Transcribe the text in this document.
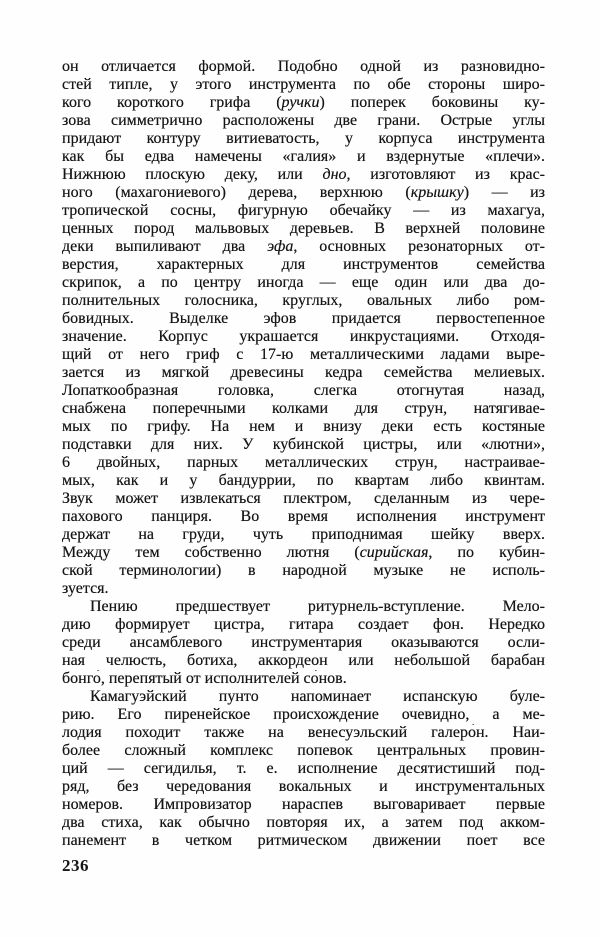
он отличается формой. Подобно одной из разновидно-
стей типле, у этого инструмента по обе стороны широ-
кого короткого грифа (ручки) поперек боковины ку-
зова симметрично расположены две грани. Острые углы
придают контуру витиеватость, у корпуса инструмента
как бы едва намечены «галия» и вздернутые «плечи».
Нижнюю плоскую деку, или дно, изготовляют из крас-
ного (махагониевого) дерева, верхнюю (крышку) — из
тропической сосны, фигурную обечайку — из махагуа,
ценных пород мальвовых деревьев. В верхней половине
деки выпиливают два эфа, основных резонаторных от-
верстия, характерных для инструментов семейства
скрипок, а по центру иногда — еще один или два до-
полнительных голосника, круглых, овальных либо ром-
бовидных. Выделке эфов придается первостепенное
значение. Корпус украшается инкрустациями. Отходя-
щий от него гриф с 17-ю металлическими ладами выре-
зается из мягкой древесины кедра семейства мелиевых.
Лопаткообразная головка, слегка отогнутая назад,
снабжена поперечными колками для струн, натягивае-
мых по грифу. На нем и внизу деки есть костяные
подставки для них. У кубинской цистры, или «лютни»,
6 двойных, парных металлических струн, настраивае-
мых, как и у бандуррии, по квартам либо квинтам.
Звук может извлекаться плектром, сделанным из чере-
пахового панциря. Во время исполнения инструмент
держат на груди, чуть приподнимая шейку вверх.
Между тем собственно лютня (сирийская, по кубин-
ской терминологии) в народной музыке не исполь-
зуется.
Пению предшествует ритурнель-вступление. Мело-
дию формирует цистра, гитара создает фон. Нередко
среди ансамблевого инструментария оказываются осли-
ная челюсть, ботиха, аккордеон или небольшой барабан
бонго́, перепятый от исполнителей со́нов.
Камагуэйский пунто напоминает испанскую буле-
рию. Его пиренейское происхождение очевидно, а ме-
лодия походит также на венесуэльский галеро́н. Наи-
более сложный комплекс попевок центральных провин-
ций — сегидилья, т. е. исполнение десятистиший под-
ряд, без чередования вокальных и инструментальных
номеров. Импровизатор нараспев выговаривает первые
два стиха, как обычно повторяя их, а затем под акком-
панемент в четком ритмическом движении поет все
236
